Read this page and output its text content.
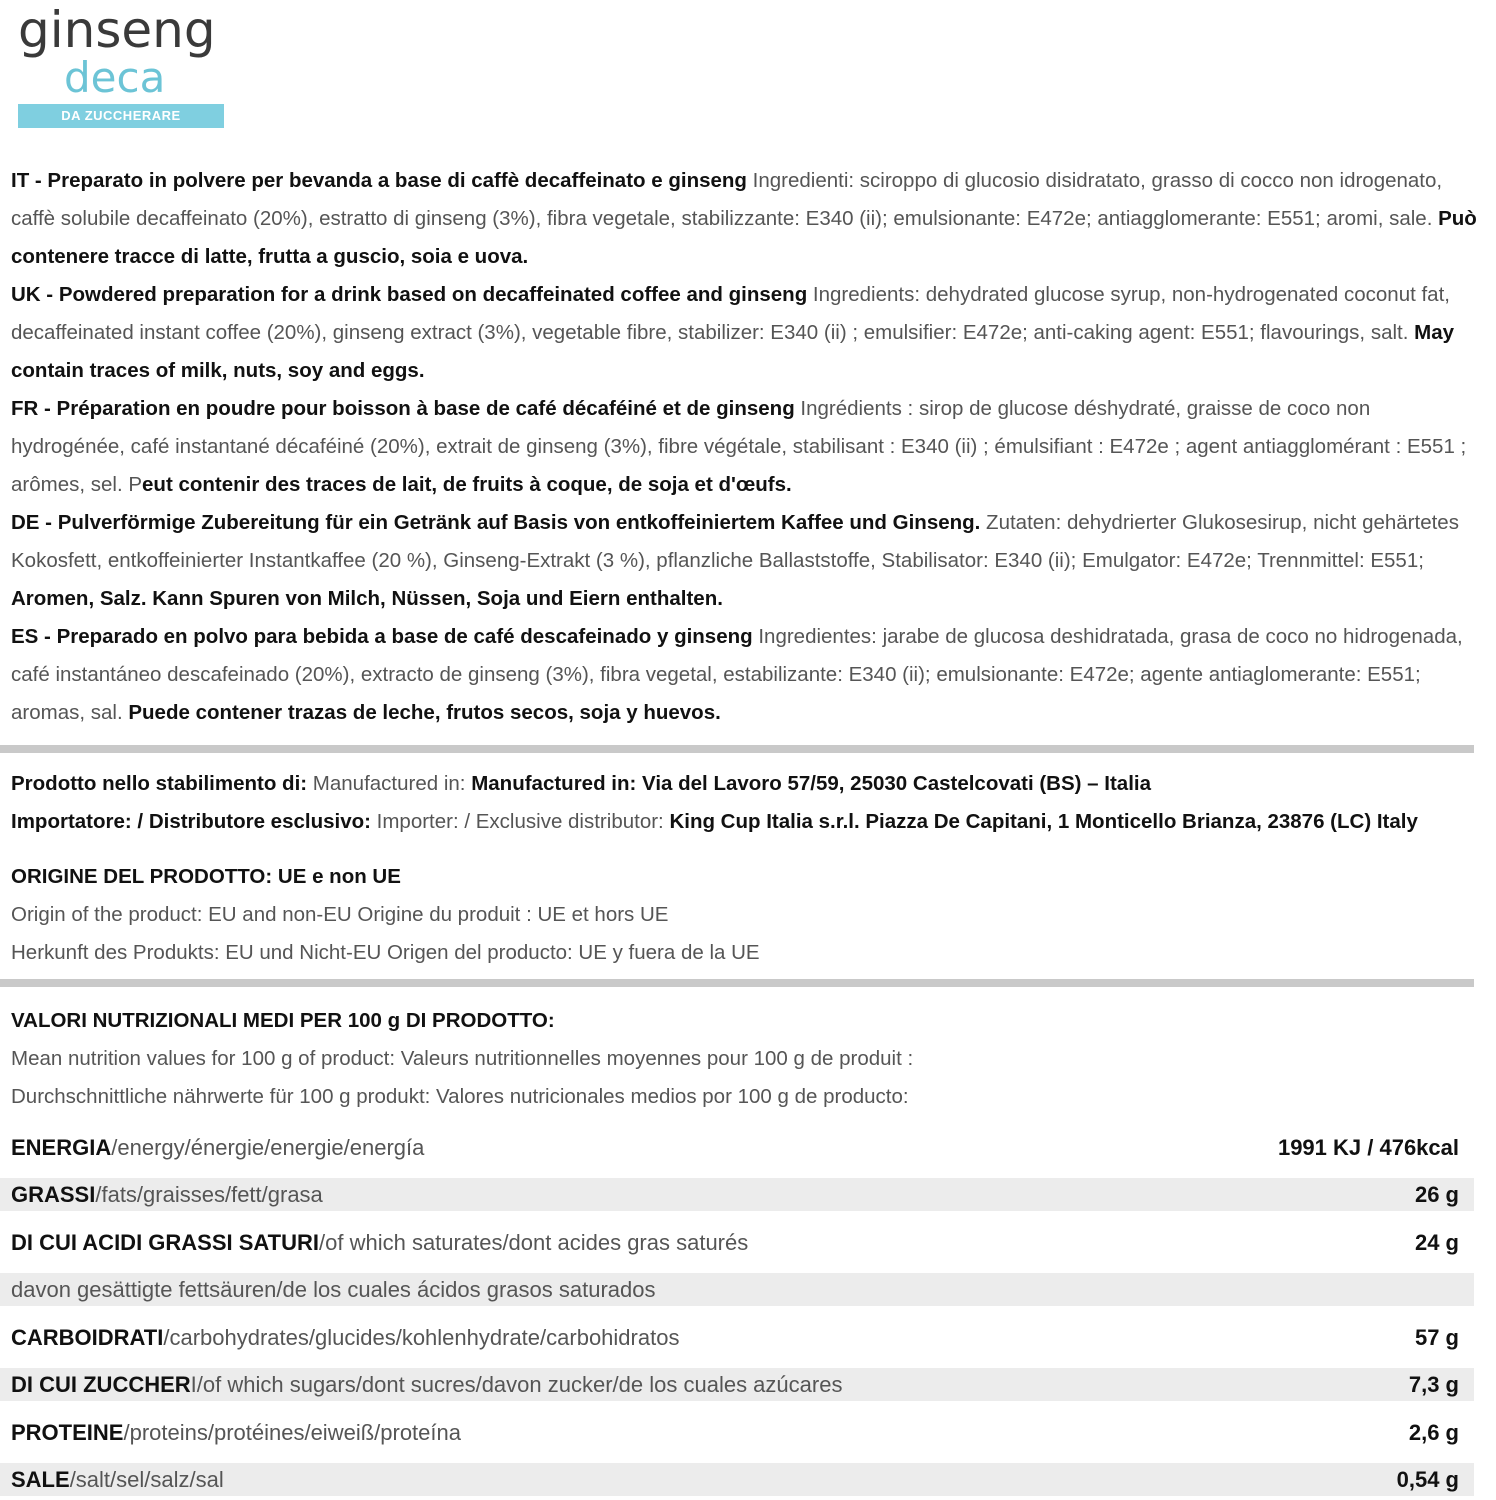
ginseng
deca
DA ZUCCHERARE

IT - Preparato in polvere per bevanda a base di caffè decaffeinato e ginseng Ingredienti: sciroppo di glucosio disidratato, grasso di cocco non idrogenato, caffè solubile decaffeinato (20%), estratto di ginseng (3%), fibra vegetale, stabilizzante: E340 (ii); emulsionante: E472e; antiagglomerante: E551; aromi, sale. Può contenere tracce di latte, frutta a guscio, soia e uova.

UK - Powdered preparation for a drink based on decaffeinated coffee and ginseng Ingredients: dehydrated glucose syrup, non-hydrogenated coconut fat, decaffeinated instant coffee (20%), ginseng extract (3%), vegetable fibre, stabilizer: E340 (ii) ; emulsifier: E472e; anti-caking agent: E551; flavourings, salt. May contain traces of milk, nuts, soy and eggs.

FR - Préparation en poudre pour boisson à base de café décaféiné et de ginseng Ingrédients : sirop de glucose déshydraté, graisse de coco non hydrogénée, café instantané décaféiné (20%), extrait de ginseng (3%), fibre végétale, stabilisant : E340 (ii) ; émulsifiant : E472e ; agent antiagglomérant : E551 ; arômes, sel. Peut contenir des traces de lait, de fruits à coque, de soja et d'œufs.

DE - Pulverförmige Zubereitung für ein Getränk auf Basis von entkoffeiniertem Kaffee und Ginseng. Zutaten: dehydrierter Glukosesirup, nicht gehärtetes Kokosfett, entkoffeinierter Instantkaffee (20 %), Ginseng-Extrakt (3 %), pflanzliche Ballaststoffe, Stabilisator: E340 (ii); Emulgator: E472e; Trennmittel: E551; Aromen, Salz. Kann Spuren von Milch, Nüssen, Soja und Eiern enthalten.

ES - Preparado en polvo para bebida a base de café descafeinado y ginseng Ingredientes: jarabe de glucosa deshidratada, grasa de coco no hidrogenada, café instantáneo descafeinado (20%), extracto de ginseng (3%), fibra vegetal, estabilizante: E340 (ii); emulsionante: E472e; agente antiaglomerante: E551; aromas, sal. Puede contener trazas de leche, frutos secos, soja y huevos.

Prodotto nello stabilimento di: Manufactured in: Manufactured in: Via del Lavoro 57/59, 25030 Castelcovati (BS) – Italia

Importatore: / Distributore esclusivo: Importer: / Exclusive distributor: King Cup Italia s.r.l. Piazza De Capitani, 1 Monticello Brianza, 23876 (LC) Italy

ORIGINE DEL PRODOTTO: UE e non UE

Origin of the product: EU and non-EU Origine du produit : UE et hors UE

Herkunft des Produkts: EU und Nicht-EU Origen del producto: UE y fuera de la UE

VALORI NUTRIZIONALI MEDI PER 100 g DI PRODOTTO:

Mean nutrition values for 100 g of product: Valeurs nutritionnelles moyennes pour 100 g de produit :

Durchschnittliche nährwerte für 100 g produkt: Valores nutricionales medios por 100 g de producto:

ENERGIA/energy/énergie/energie/energía	1991 KJ / 476kcal
GRASSI/fats/graisses/fett/grasa	26 g
DI CUI ACIDI GRASSI SATURI/of which saturates/dont acides gras saturés	24 g
davon gesättigte fettsäuren/de los cuales ácidos grasos saturados
CARBOIDRATI/carbohydrates/glucides/kohlenhydrate/carbohidratos	57 g
DI CUI ZUCCHERI/of which sugars/dont sucres/davon zucker/de los cuales azúcares	7,3 g
PROTEINE/proteins/protéines/eiweiß/proteína	2,6 g
SALE/salt/sel/salz/sal	0,54 g
